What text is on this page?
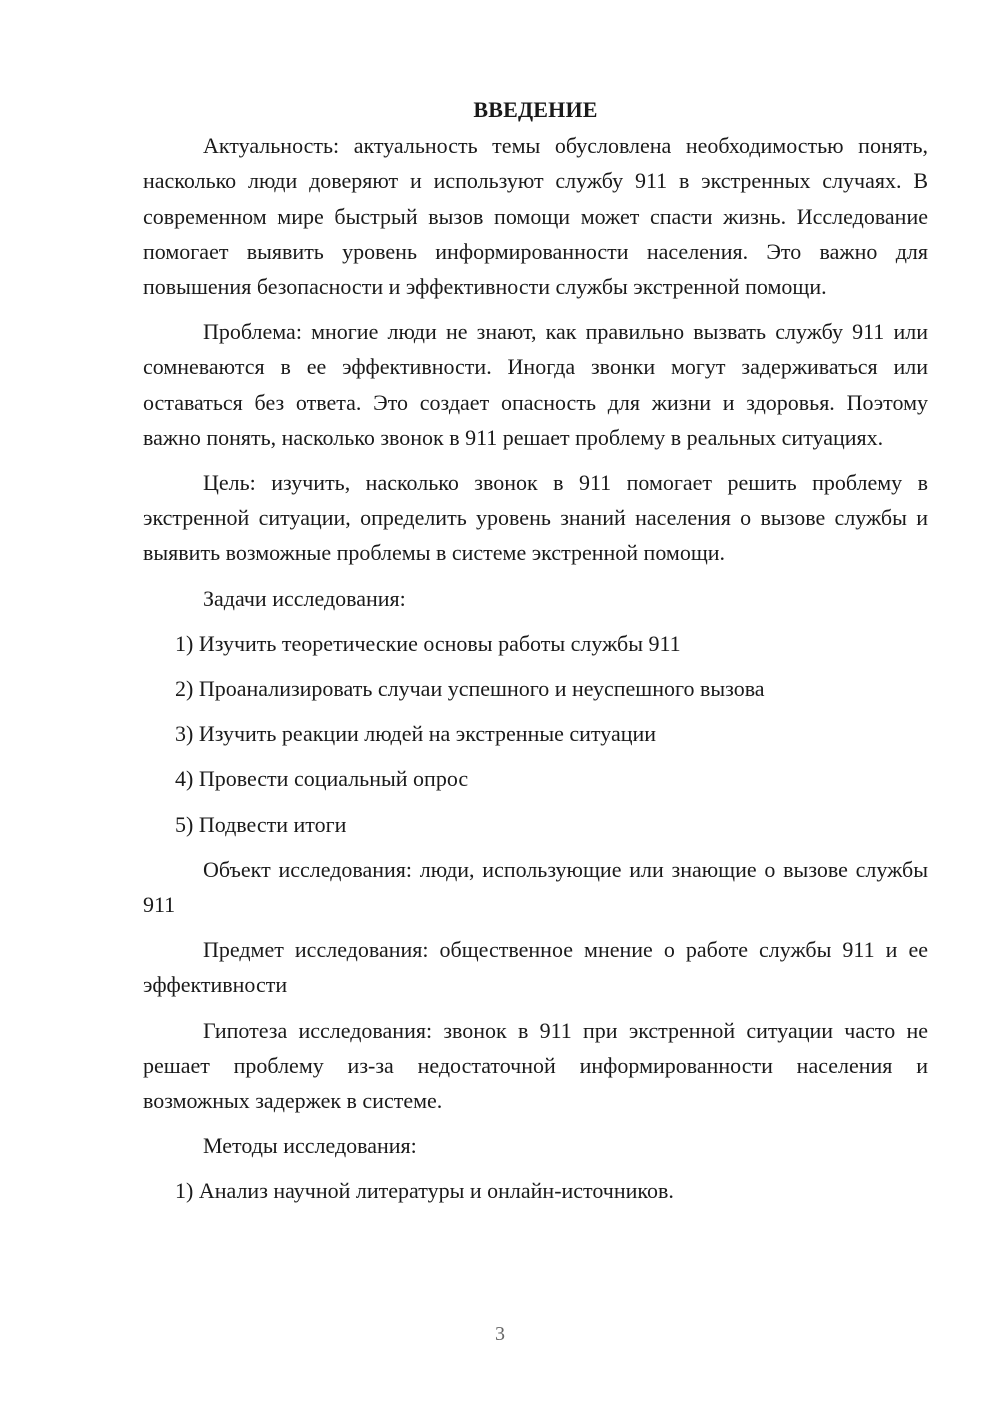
ВВЕДЕНИЕ

Актуальность: актуальность темы обусловлена необходимостью понять, насколько люди доверяют и используют службу 911 в экстренных случаях. В современном мире быстрый вызов помощи может спасти жизнь. Исследование помогает выявить уровень информированности населения. Это важно для повышения безопасности и эффективности службы экстренной помощи.

Проблема: многие люди не знают, как правильно вызвать службу 911 или сомневаются в ее эффективности. Иногда звонки могут задерживаться или оставаться без ответа. Это создает опасность для жизни и здоровья. Поэтому важно понять, насколько звонок в 911 решает проблему в реальных ситуациях.

Цель: изучить, насколько звонок в 911 помогает решить проблему в экстренной ситуации, определить уровень знаний населения о вызове службы и выявить возможные проблемы в системе экстренной помощи.

Задачи исследования:

1) Изучить теоретические основы работы службы 911
2) Проанализировать случаи успешного и неуспешного вызова
3) Изучить реакции людей на экстренные ситуации
4) Провести социальный опрос
5) Подвести итоги

Объект исследования: люди, использующие или знающие о вызове службы 911

Предмет исследования: общественное мнение о работе службы 911 и ее эффективности

Гипотеза исследования: звонок в 911 при экстренной ситуации часто не решает проблему из-за недостаточной информированности населения и возможных задержек в системе.

Методы исследования:

1) Анализ научной литературы и онлайн-источников.
3
